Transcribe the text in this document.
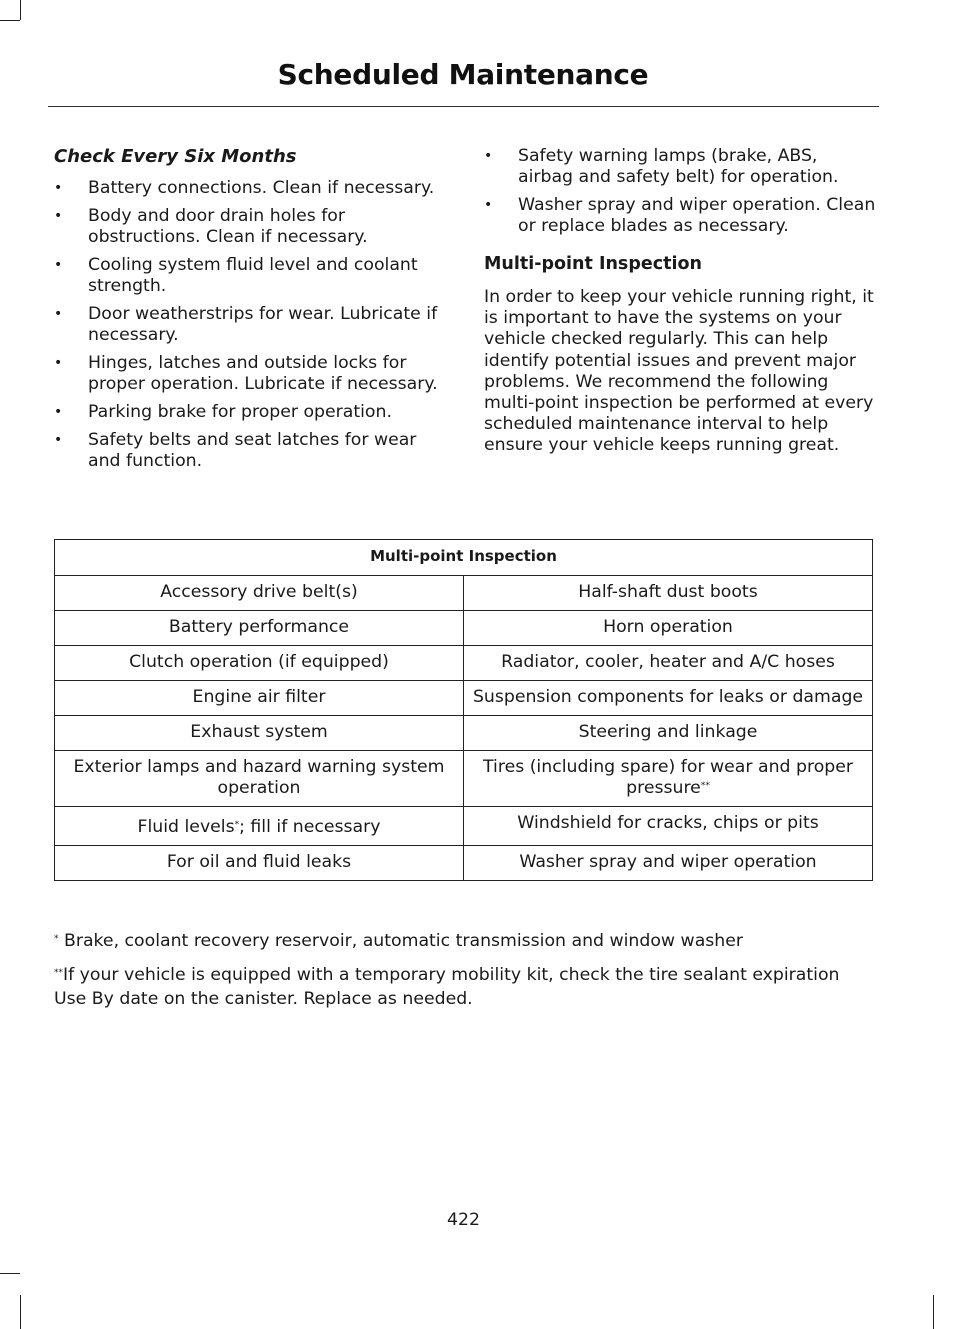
Scheduled Maintenance
Check Every Six Months
• Battery connections. Clean if necessary.
• Body and door drain holes for obstructions. Clean if necessary.
• Cooling system fluid level and coolant strength.
• Door weatherstrips for wear. Lubricate if necessary.
• Hinges, latches and outside locks for proper operation. Lubricate if necessary.
• Parking brake for proper operation.
• Safety belts and seat latches for wear and function.
• Safety warning lamps (brake, ABS, airbag and safety belt) for operation.
• Washer spray and wiper operation. Clean or replace blades as necessary.
Multi-point Inspection

In order to keep your vehicle running right, it is important to have the systems on your vehicle checked regularly. This can help identify potential issues and prevent major problems. We recommend the following multi-point inspection be performed at every scheduled maintenance interval to help ensure your vehicle keeps running great.

Multi-point Inspection	
Accessory drive belt(s)	Half-shaft dust boots
Battery performance	Horn operation
Clutch operation (if equipped)	Radiator, cooler, heater and A/C hoses
Engine air filter	Suspension components for leaks or damage
Exhaust system	Steering and linkage
Exterior lamps and hazard warning system operation	Tires (including spare) for wear and proper pressure**
Fluid levels*; fill if necessary	Windshield for cracks, chips or pits
For oil and fluid leaks	Washer spray and wiper operation
* Brake, coolant recovery reservoir, automatic transmission and window washer
**If your vehicle is equipped with a temporary mobility kit, check the tire sealant expiration Use By date on the canister. Replace as needed.
422
